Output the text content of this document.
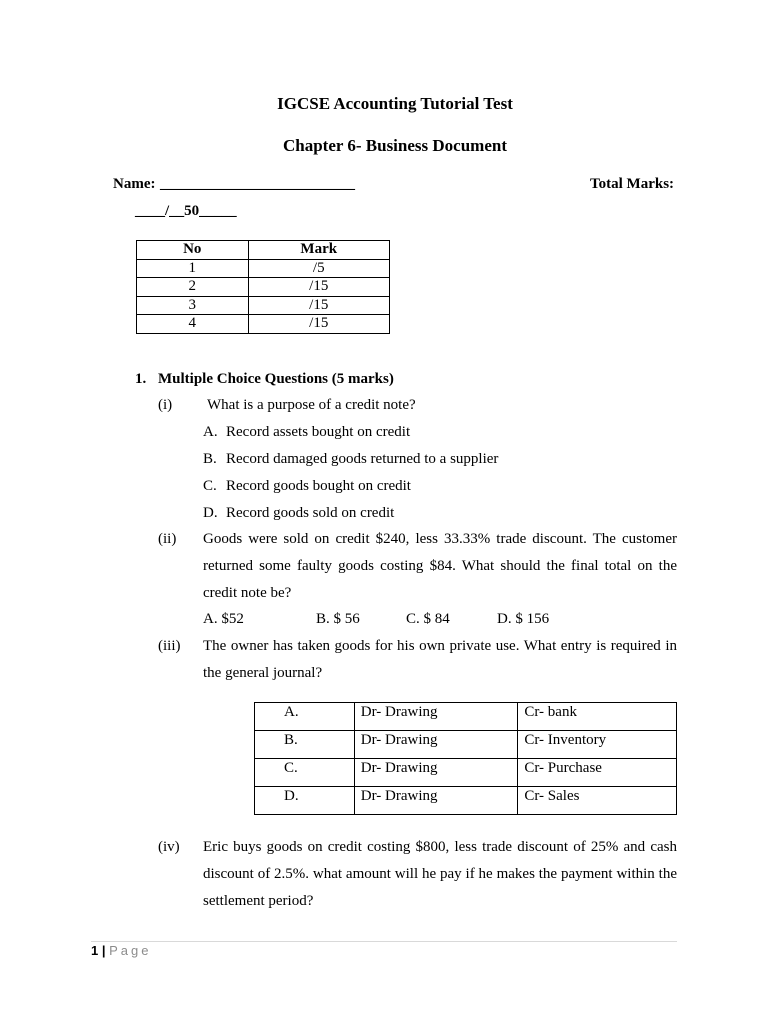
IGCSE Accounting Tutorial Test
Chapter 6- Business Document
Name: __________________________	Total Marks:
____/__50_____
No	Mark
1	/5
2	/15
3	/15
4	/15
1. Multiple Choice Questions (5 marks)
(i) What is a purpose of a credit note?
A. Record assets bought on credit
B. Record damaged goods returned to a supplier
C. Record goods bought on credit
D. Record goods sold on credit
(ii) Goods were sold on credit $240, less 33.33% trade discount. The customer returned some faulty goods costing $84. What should the final total on the credit note be?
A. $52	B. $ 56	C. $ 84	D. $ 156
(iii) The owner has taken goods for his own private use. What entry is required in the general journal?
A.	Dr- Drawing	Cr- bank
B.	Dr- Drawing	Cr- Inventory
C.	Dr- Drawing	Cr- Purchase
D.	Dr- Drawing	Cr- Sales
(iv) Eric buys goods on credit costing $800, less trade discount of 25% and cash discount of 2.5%. what amount will he pay if he makes the payment within the settlement period?
1 | Page
